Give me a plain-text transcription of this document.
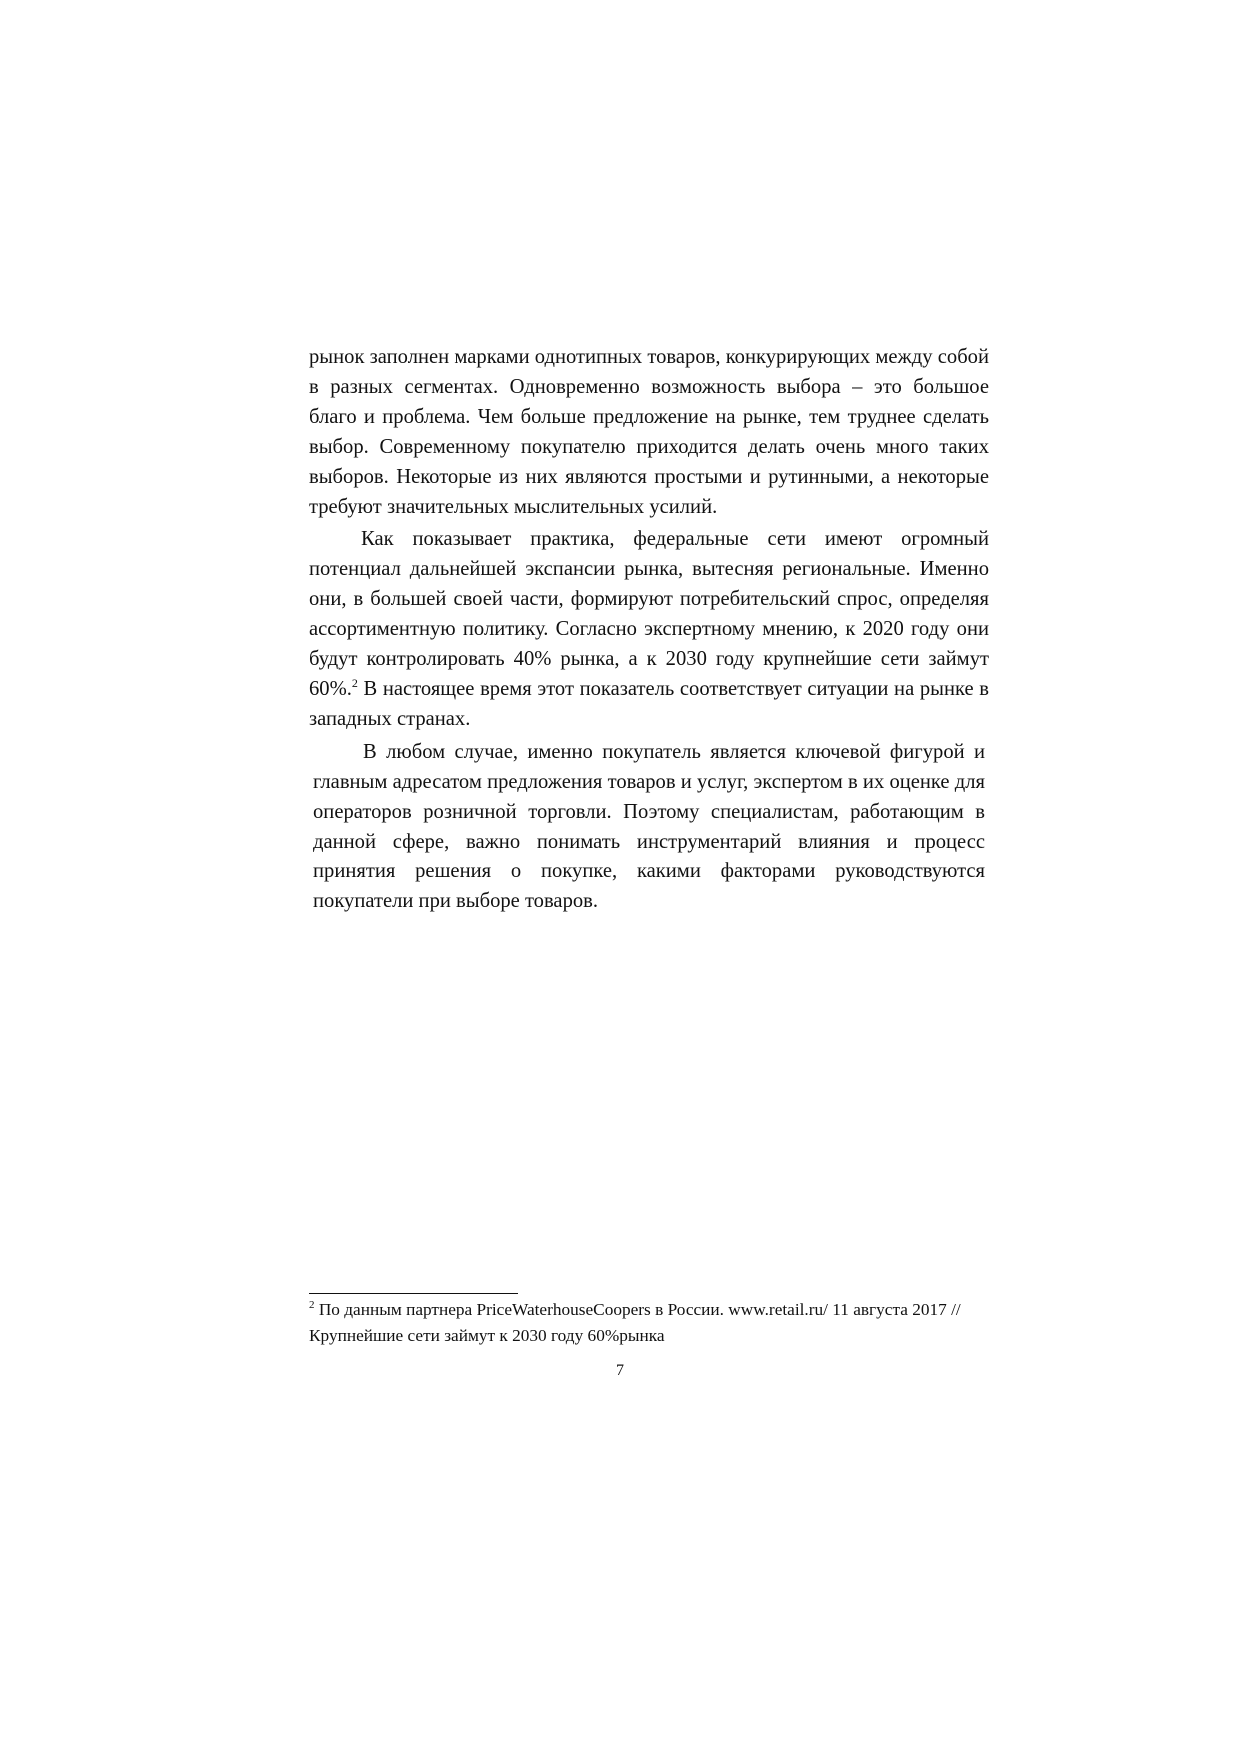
рынок заполнен марками однотипных товаров, конкурирующих между собой в разных сегментах. Одновременно возможность выбора – это большое благо и проблема. Чем больше предложение на рынке, тем труднее сделать выбор. Современному покупателю приходится делать очень много таких выборов. Некоторые из них являются простыми и рутинными, а некоторые требуют значительных мыслительных усилий.

Как показывает практика, федеральные сети имеют огромный потенциал дальнейшей экспансии рынка, вытесняя региональные. Именно они, в большей своей части, формируют потребительский спрос, определяя ассортиментную политику. Согласно экспертному мнению, к 2020 году они будут контролировать 40% рынка, а к 2030 году крупнейшие сети займут 60%.$^2$ В настоящее время этот показатель соответствует ситуации на рынке в западных странах.

В любом случае, именно покупатель является ключевой фигурой и главным адресатом предложения товаров и услуг, экспертом в их оценке для операторов розничной торговли. Поэтому специалистам, работающим в данной сфере, важно понимать инструментарий влияния и процесс принятия решения о покупке, какими факторами руководствуются покупатели при выборе товаров.

$^2$ По данным партнера PriceWaterhouseCoopers в России. www.retail.ru/ 11 августа 2017 //Крупнейшие сети займут к 2030 году 60%рынка
7
